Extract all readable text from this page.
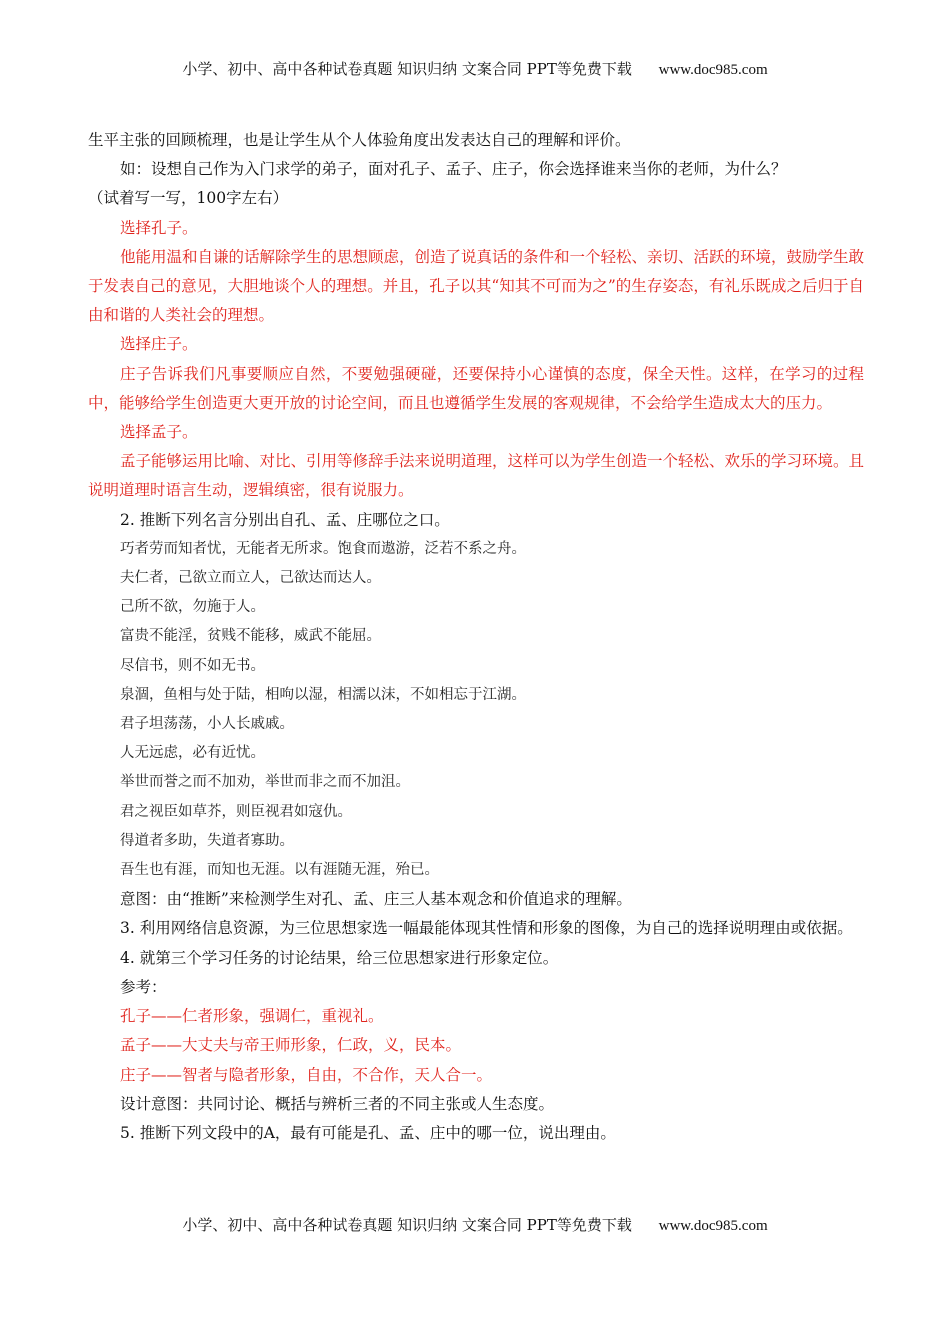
小学、初中、高中各种试卷真题 知识归纳 文案合同 PPT等免费下载 www.doc985.com

生平主张的回顾梳理，也是让学生从个人体验角度出发表达自己的理解和评价。

如：设想自己作为入门求学的弟子，面对孔子、孟子、庄子，你会选择谁来当你的老师，为什么？

（试着写一写，100字左右）

选择孔子。

他能用温和自谦的话解除学生的思想顾虑，创造了说真话的条件和一个轻松、亲切、活跃的环境，鼓励学生敢于发表自己的意见，大胆地谈个人的理想。并且，孔子以其“知其不可而为之”的生存姿态，有礼乐既成之后归于自由和谐的人类社会的理想。

选择庄子。

庄子告诉我们凡事要顺应自然，不要勉强硬碰，还要保持小心谨慎的态度，保全天性。这样，在学习的过程中，能够给学生创造更大更开放的讨论空间，而且也遵循学生发展的客观规律，不会给学生造成太大的压力。

选择孟子。

孟子能够运用比喻、对比、引用等修辞手法来说明道理，这样可以为学生创造一个轻松、欢乐的学习环境。且说明道理时语言生动，逻辑缜密，很有说服力。

2. 推断下列名言分别出自孔、孟、庄哪位之口。

巧者劳而知者忧，无能者无所求。饱食而遨游，泛若不系之舟。

夫仁者，己欲立而立人，己欲达而达人。

己所不欲，勿施于人。

富贵不能淫，贫贱不能移，威武不能屈。

尽信书，则不如无书。

泉涸，鱼相与处于陆，相呴以湿，相濡以沫，不如相忘于江湖。

君子坦荡荡，小人长戚戚。

人无远虑，必有近忧。

举世而誉之而不加劝，举世而非之而不加沮。

君之视臣如草芥，则臣视君如寇仇。

得道者多助，失道者寡助。

吾生也有涯，而知也无涯。以有涯随无涯，殆已。

意图：由“推断”来检测学生对孔、孟、庄三人基本观念和价值追求的理解。

3. 利用网络信息资源，为三位思想家选一幅最能体现其性情和形象的图像，为自己的选择说明理由或依据。

4. 就第三个学习任务的讨论结果，给三位思想家进行形象定位。

参考：

孔子——仁者形象，强调仁，重视礼。

孟子——大丈夫与帝王师形象，仁政，义，民本。

庄子——智者与隐者形象，自由，不合作，天人合一。

设计意图：共同讨论、概括与辨析三者的不同主张或人生态度。

5. 推断下列文段中的A，最有可能是孔、孟、庄中的哪一位，说出理由。

小学、初中、高中各种试卷真题 知识归纳 文案合同 PPT等免费下载 www.doc985.com
